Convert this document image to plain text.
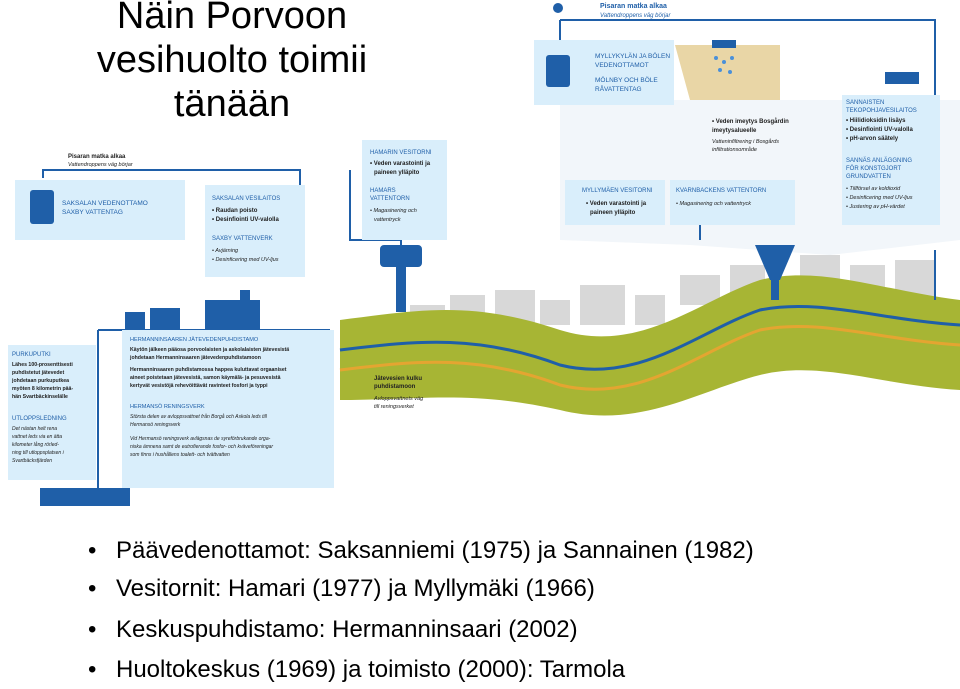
Näin Porvoon
vesihuolto toimii
tänään
Pisaran matka alkaa
Vattendroppens väg börjar
MYLLYKYLÄN JA BÖLEN
VEDENOTTAMOT
MÖLNBY OCH BÖLE
RÅVATTENTAG
• Veden imeytys Bosgårdin
imeytysalueelle
Vatteninfiltrering i Bosgårds
infiltrationsområde
SANNAISTEN
TEKOPOHJAVESILAITOS
• Hiilidioksidin lisäys
• Desinfiointi UV-valolla
• pH-arvon säätely
SANNÄS ANLÄGGNING
FÖR KONSTGJORT
GRUNDVATTEN
• Tillförsel av koldioxid
• Desinficering med UV-ljus
• Justering av pH-värdet
MYLLYMÄEN VESITORNI
• Veden varastointi ja
paineen ylläpito
KVARNBACKENS VATTENTORN
• Magasinering och vattentryck
HAMARIN VESITORNI
• Veden varastointi ja
paineen ylläpito
HAMARS
VATTENTORN
• Magasinering och
vattentryck
Pisaran matka alkaa
Vattendroppens väg börjar
SAKSALAN VEDENOTTAMO
SAXBY VATTENTAG
SAKSALAN VESILAITOS
• Raudan poisto
• Desinfiointi UV-valolla
SAXBY VATTENVERK
• Avjärning
• Desinficering med UV-ljus
HERMANNINSAAREN JÄTEVEDENPUHDISTAMO
Käytön jälkeen pääosa porvoolaisten ja askolalaisten jätevesistä
johdetaan Hermanninsaaren jätevedenpuhdistamoon
Hermanninsaaren puhdistamossa happea kuluttavat orgaaniset
aineet poistetaan jätevesistä, samon käymälä- ja pesuvesistä
kertyvät vesistöjä rehevöittävät ravinteet fosfori ja typpi
HERMANSÖ RENINGSVERK
Största delen av avloppsvattnet från Borgå och Askola leds till
Hermansö reningsverk
Vid Hermansö reningsverk avlägsnas de syreförbrukande orga-
niska ämnena samt de eutrofierande fosfor- och kväveföreningar
som finns i hushållens toalett- och tvättvatten
PURKUPUTKI
Lähes 100-prosenttisesti
puhdistetut jätevedet
johdetaan purkuputkea
myöten 8 kilometrin pää-
hän Svartbäckinselälle
UTLOPPSLEDNING
Det nästan helt rena
vattnet leds via en ätta
kilometer lång rörled-
ning till utloppsplatsen i
Svartbäcksfjärden
Jätevesien kulku
puhdistamoon
Avloppsvattnets väg
till reningsverket
• Päävedenottamot: Saksanniemi (1975) ja Sannainen (1982)
• Vesitornit: Hamari (1977) ja Myllymäki (1966)
• Keskuspuhdistamo: Hermanninsaari (2002)
• Huoltokeskus (1969) ja toimisto (2000): Tarmola
